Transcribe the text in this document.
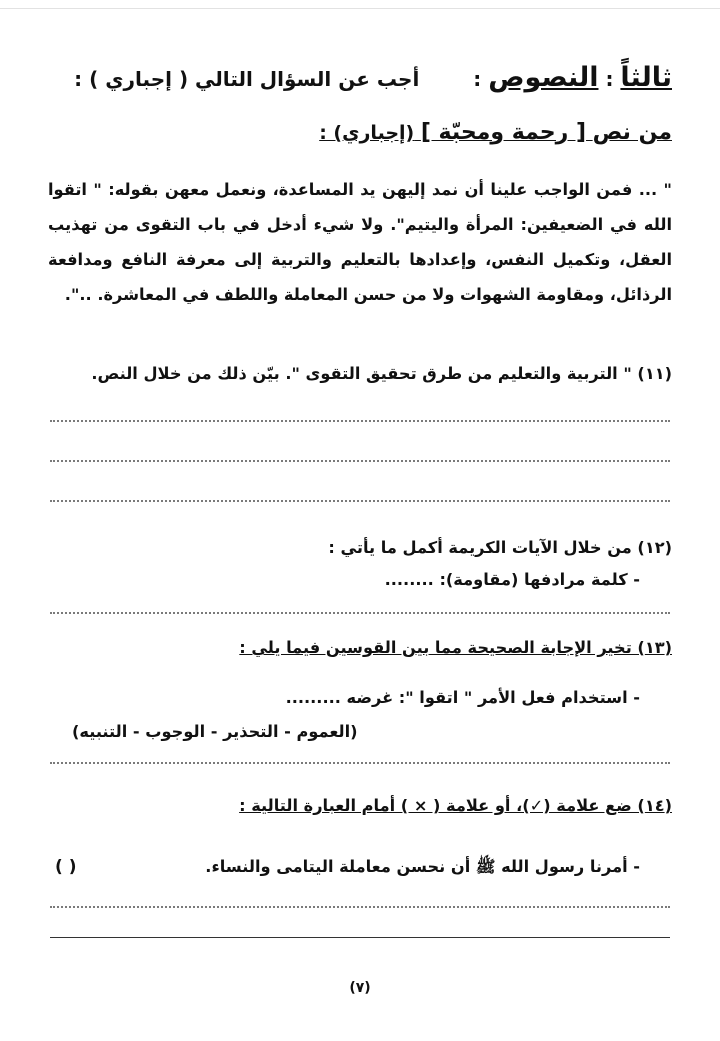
ثالثاً : النصوص :  أجب عن السؤال التالي ( إجباري ) :
من نص [ رحمة ومحبّة ] (إجباري) :
" ... فمن الواجب علينا أن نمد إليهن يد المساعدة، ونعمل معهن بقوله: " اتقوا الله في الضعيفين: المرأة واليتيم". ولا شيء أدخل في باب التقوى من تهذيب العقل، وتكميل النفس، وإعدادها بالتعليم والتربية إلى معرفة النافع ومدافعة الرذائل، ومقاومة الشهوات ولا من حسن المعاملة واللطف في المعاشرة. ..".
(١١) " التربية والتعليم من طرق تحقيق التقوى ". بيّن ذلك من خلال النص.
(١٢) من خلال الآيات الكريمة أكمل ما يأتي :
- كلمة مرادفها (مقاومة): ........
(١٣) تخير الإجابة الصحيحة مما بين القوسين فيما يلي :
- استخدام فعل الأمر " اتقوا ": غرضه .........
(العموم - التحذير - الوجوب - التنبيه)
(١٤) ضع علامة (✓)، أو علامة ( × ) أمام العبارة التالية :
- أمرنا رسول الله ﷺ أن نحسن معاملة اليتامى والنساء.
( )
(٧)
